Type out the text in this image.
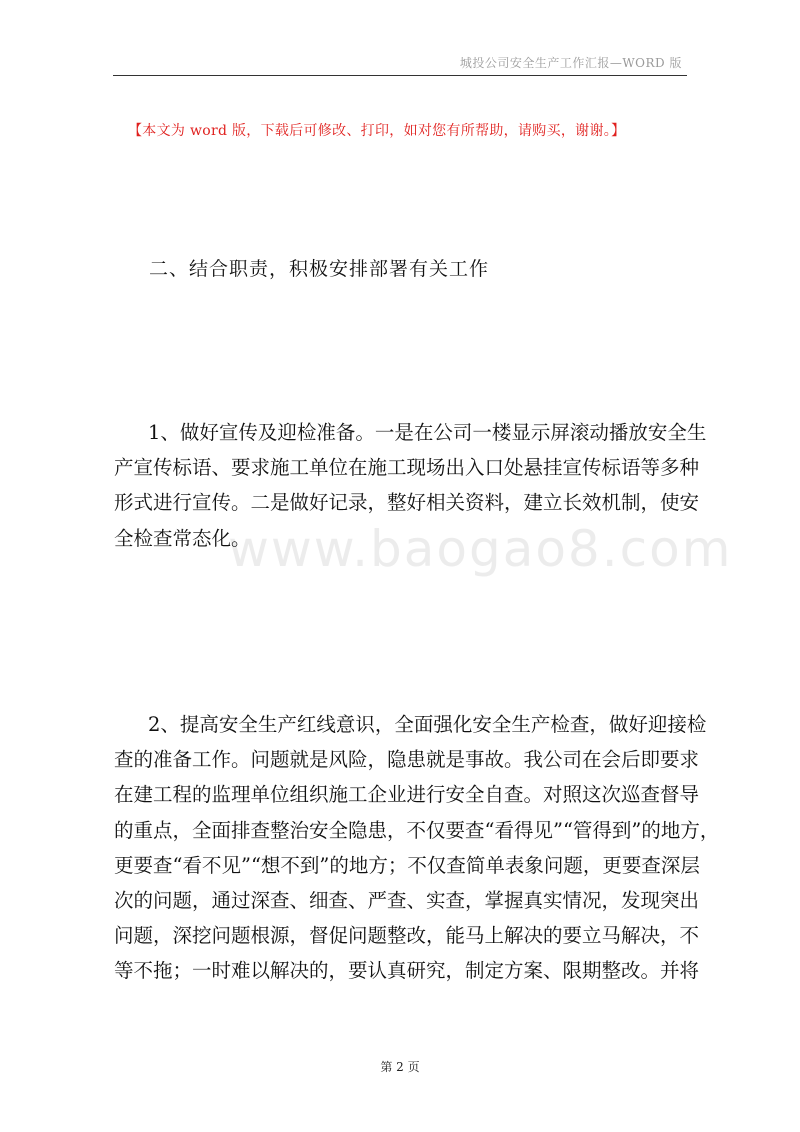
城投公司安全生产工作汇报—WORD 版
【本文为 word 版，下载后可修改、打印，如对您有所帮助，请购买，谢谢。】
www.baogao8.com
二、结合职责，积极安排部署有关工作
1、做好宣传及迎检准备。一是在公司一楼显示屏滚动播放安全生
产宣传标语、要求施工单位在施工现场出入口处悬挂宣传标语等多种
形式进行宣传。二是做好记录，整好相关资料，建立长效机制，使安
全检查常态化。
2、提高安全生产红线意识，全面强化安全生产检查，做好迎接检
查的准备工作。问题就是风险，隐患就是事故。我公司在会后即要求
在建工程的监理单位组织施工企业进行安全自查。对照这次巡查督导
的重点，全面排查整治安全隐患，不仅要查“看得见”“管得到”的地方，
更要查“看不见”“想不到”的地方；不仅查简单表象问题，更要查深层
次的问题，通过深查、细查、严查、实查，掌握真实情况，发现突出
问题，深挖问题根源，督促问题整改，能马上解决的要立马解决，不
等不拖；一时难以解决的，要认真研究，制定方案、限期整改。并将
第 2 页
